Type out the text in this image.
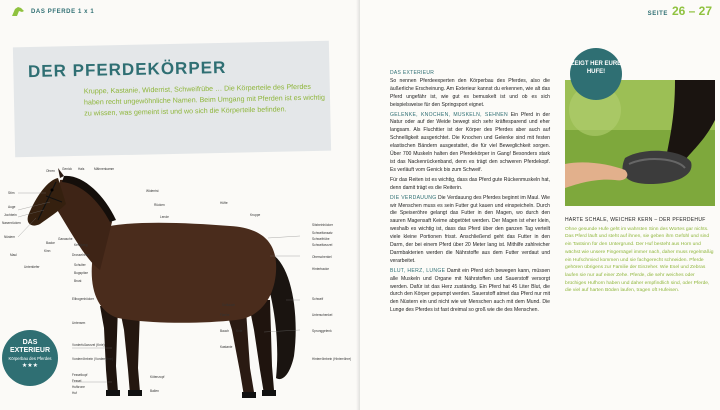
DAS PFERDE 1 x 1
DER PFERDEKÖRPER
Kruppe, Kastanie, Widerrist, Schweifrübe … Die Körperteile des Pferdes haben recht ungewöhnliche Namen. Beim Umgang mit Pferden ist es wichtig zu wissen, was gemeint ist und wo sich die Körperteile befinden.
Stirn
Auge
Jochbein
Nasenrücken
Nüstern
Maul
Unterkiefer
Backe
Kinn
Ganasche
Ohren Genick Hals	Mähnenkamm
Kehlgang
Drosselrinne
Schulter
Bugspitze
Brust
Ellbogenhöcker
Unterarm
Vorderfußwurzel (Knie)
Vorderröhrbein (Vorderröhre)
Fesselkopf
Fessel
Hufkrone
Huf
Widerrist
Rücken
Lende
Hüfte
Kruppe
Sitzbeinhöcker
Schweifansatz
Schweifrübe
Schweifwurzel
Oberschenkel
Hinterbacke
Schweif
Unterschenkel
Sprunggelenk
Hinterröhrbein (Hinterröhre)
Kötenzopf
Ballen
Schlauch
Flanke
Bauch Knie
Kastanie
DAS EXTERIEUR
Körperbau des Pferdes
★★★
SEITE 26 – 27

DAS EXTERIEUR
So nennen Pferdeexperten den Körperbau des Pferdes, also die äußerliche Erscheinung. Am Exterieur kannst du erkennen, wie alt das Pferd ungefähr ist, wie gut es bemuskelt ist und ob es sich beispielsweise für den Springsport eignet.

GELENKE, KNOCHEN, MUSKELN, SEHNEN Ein Pferd in der Natur oder auf der Weide bewegt sich sehr kräftesparend und eher langsam. Als Fluchttier ist der Körper des Pferdes aber auch auf Schnelligkeit ausgerichtet. Die Knochen und Gelenke sind mit festen elastischen Bändern ausgestattet, die für viel Beweglichkeit sorgen. Über 700 Muskeln halten den Pferdekörper in Gang! Besonders stark ist das Nackenrückenband, denn es trägt den schweren Pferdekopf. Es verläuft vom Genick bis zum Schweif.

Für das Reiten ist es wichtig, dass das Pferd gute Rückenmuskeln hat, denn damit trägt es die Reiterin.

DIE VERDAUUNG Die Verdauung des Pferdes beginnt im Maul. Wie wir Menschen muss es sein Futter gut kauen und einspeicheln. Durch die Speiseröhre gelangt das Futter in den Magen, wo durch den sauren Magensaft Keime abgetötet werden. Der Magen ist eher klein, weshalb es wichtig ist, dass das Pferd über den ganzen Tag verteilt viele kleine Portionen frisst. Anschließend geht das Futter in den Darm, der bei einem Pferd über 20 Meter lang ist. Mithilfe zahlreicher Darmbakterien werden die Nährstoffe aus dem Futter verdaut und verarbeitet.

BLUT, HERZ, LUNGE Damit ein Pferd sich bewegen kann, müssen alle Muskeln und Organe mit Nährstoffen und Sauerstoff versorgt werden. Dafür ist das Herz zuständig. Ein Pferd hat 45 Liter Blut, die durch den Körper gepumpt werden. Sauerstoff atmet das Pferd nur mit den Nüstern ein und nicht wie wir Menschen auch mit dem Mund. Die Lunge des Pferdes ist fast dreimal so groß wie die des Menschen.

ZEIGT HER EURE HUFE!
HARTE SCHALE, WEICHER KERN – DER PFERDEHUF
Ohne gesunde Hufe geht im wahrsten Sinn des Wortes gar nichts. Das Pferd läuft und steht auf ihnen, sie geben ihm Gefühl und sind ein Tastsinn für den Untergrund. Der Huf besteht aus Horn und wächst wie unsere Fingernägel immer nach, daher muss regelmäßig ein Hufschmied kommen und sie fachgerecht schneiden. Pferde gehören übrigens zur Familie der Einzeher. Wie Esel und Zebras laufen sie nur auf einer Zehe. Pferde, die sehr weiches oder brüchiges Hufhorn haben und daher empfindlich sind, oder Pferde, die viel auf harten Böden laufen, tragen oft Hufeisen.
